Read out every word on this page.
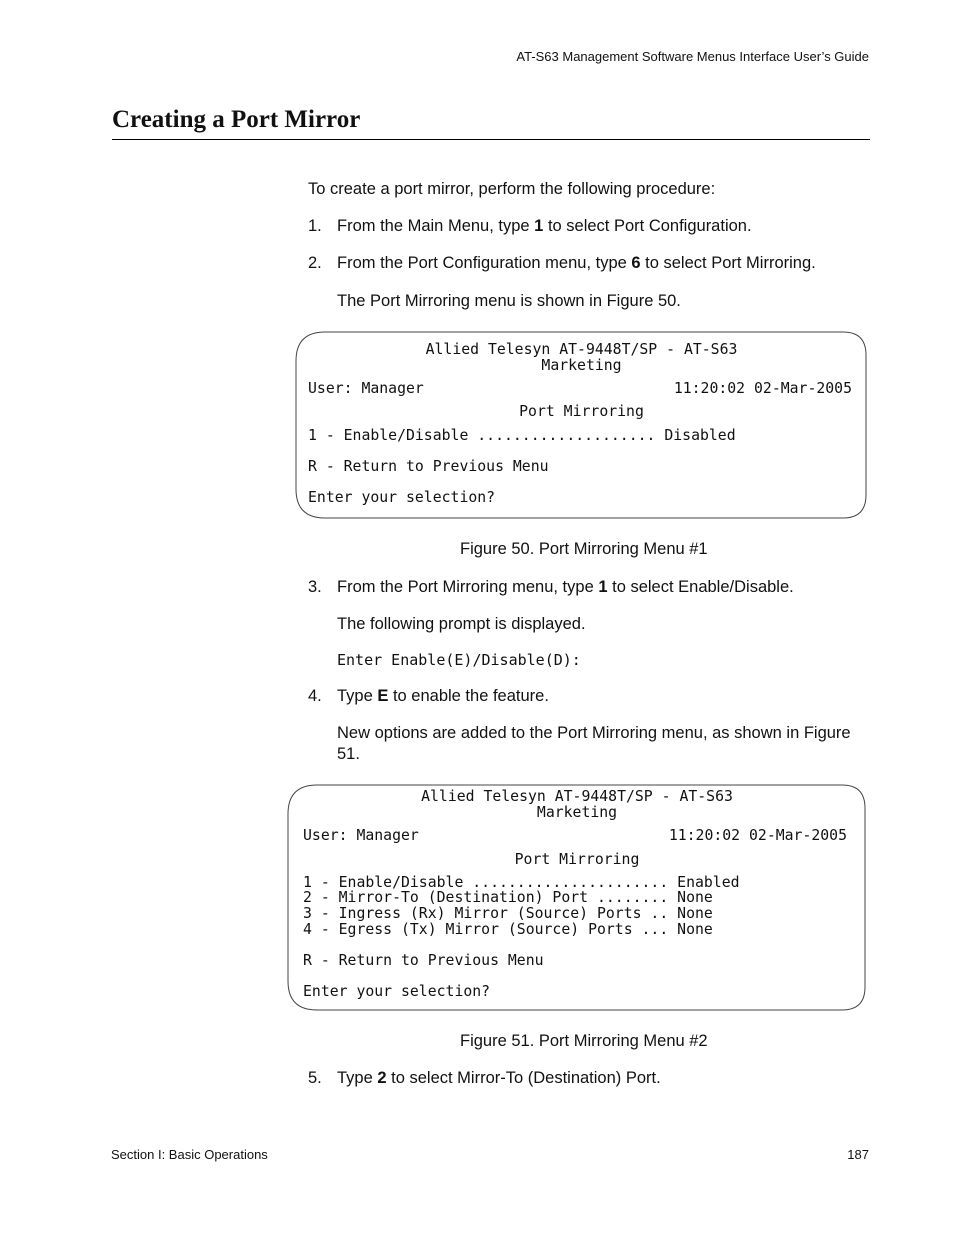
AT-S63 Management Software Menus Interface User’s Guide
Creating a Port Mirror
To create a port mirror, perform the following procedure:
1. From the Main Menu, type 1 to select Port Configuration.
2. From the Port Configuration menu, type 6 to select Port Mirroring.
The Port Mirroring menu is shown in Figure 50.
Allied Telesyn AT-9448T/SP - AT-S63
Marketing
User: Manager	11:20:02 02-Mar-2005
Port Mirroring
1 - Enable/Disable .................... Disabled
R - Return to Previous Menu
Enter your selection?
Figure 50. Port Mirroring Menu #1
3. From the Port Mirroring menu, type 1 to select Enable/Disable.
The following prompt is displayed.
Enter Enable(E)/Disable(D):
4. Type E to enable the feature.
New options are added to the Port Mirroring menu, as shown in Figure 51.
Allied Telesyn AT-9448T/SP - AT-S63
Marketing
User: Manager	11:20:02 02-Mar-2005
Port Mirroring
1 - Enable/Disable ...................... Enabled
2 - Mirror-To (Destination) Port ........ None
3 - Ingress (Rx) Mirror (Source) Ports .. None
4 - Egress (Tx) Mirror (Source) Ports ... None
R - Return to Previous Menu
Enter your selection?
Figure 51. Port Mirroring Menu #2
5. Type 2 to select Mirror-To (Destination) Port.
Section I: Basic Operations	187
